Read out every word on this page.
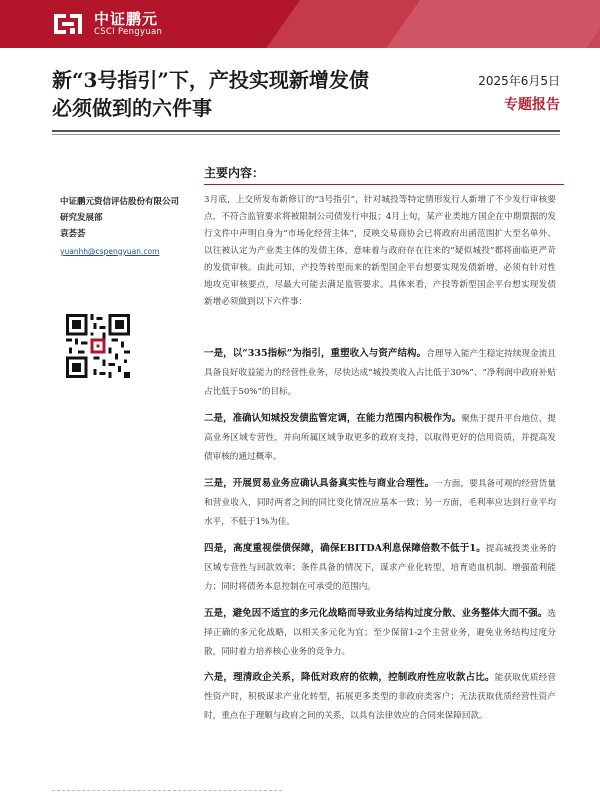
中证鹏元
CSCI Pengyuan
新“3号指引”下，产投实现新增发债
必须做到的六件事
2025年6月5日
专题报告
中证鹏元资信评估股份有限公司
研究发展部
袁荟荟
yuanhh@cspengyuan.com
主要内容：
3月底，上交所发布新修订的“3号指引”，针对城投等特定情形发行人新增了不少发行审核要点，不符合监管要求将被限制公司债发行申报；4月上旬，某产业类地方国企在中期票据的发行文件中声明自身为“市场化经营主体”，反映交易商协会已将政府出函范围扩大至名单外、以往被认定为产业类主体的发债主体，意味着与政府存在往来的“疑似城投”都将面临更严苛的发债审核。由此可知，产投等转型而来的新型国企平台想要实现发债新增，必须有针对性地攻克审核要点，尽最大可能去满足监管要求。具体来看，产投等新型国企平台想实现发债新增必须做到以下六件事：
一是，以“335指标”为指引，重塑收入与资产结构。合理导入能产生稳定持续现金流且具备良好收益能力的经营性业务，尽快达成“城投类收入占比低于30%”、“净利润中政府补贴占比低于50%”的目标。
二是，准确认知城投发债监管定调，在能力范围内积极作为。聚焦于提升平台地位，提高业务区域专营性，并向所属区域争取更多的政府支持，以取得更好的信用资质，并提高发债审核的通过概率。
三是，开展贸易业务应确认具备真实性与商业合理性。一方面，要具备可观的经营货量和营业收入，同时两者之间的同比变化情况应基本一致；另一方面，毛利率应达到行业平均水平，不低于1%为佳。
四是，高度重视偿债保障，确保EBITDA利息保障倍数不低于1。提高城投类业务的区域专营性与回款效率；条件具备的情况下，谋求产业化转型，培育造血机制、增强盈利能力；同时将债务本息控制在可承受的范围内。
五是，避免因不适宜的多元化战略而导致业务结构过度分散、业务整体大而不强。选择正确的多元化战略，以相关多元化为宜；至少保留1-2个主营业务，避免业务结构过度分散，同时着力培养核心业务的竞争力。
六是，理清政企关系，降低对政府的依赖，控制政府性应收款占比。能获取优质经营性资产时，积极谋求产业化转型，拓展更多类型的非政府类客户；无法获取优质经营性资产时，重点在于理顺与政府之间的关系，以具有法律效应的合同来保障回款。
